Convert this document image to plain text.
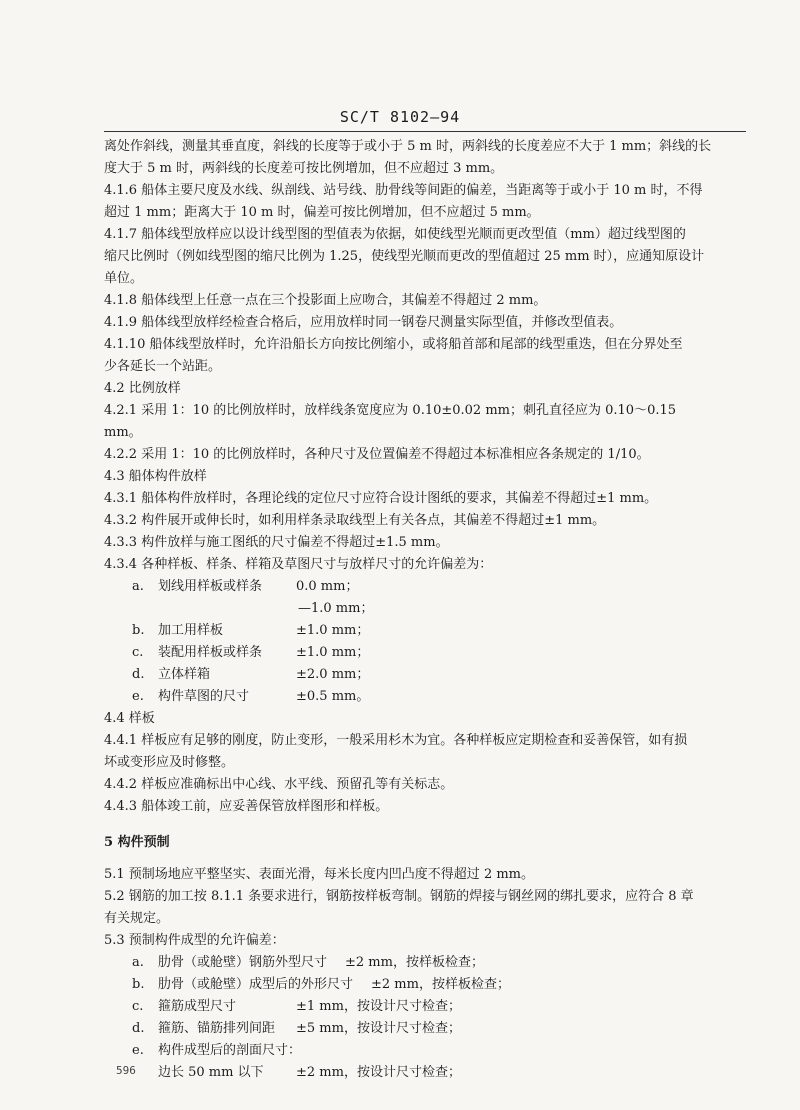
SC/T 8102—94
离处作斜线，测量其垂直度，斜线的长度等于或小于 5 m 时，两斜线的长度差应不大于 1 mm；斜线的长
度大于 5 m 时，两斜线的长度差可按比例增加，但不应超过 3 mm。
4.1.6 船体主要尺度及水线、纵剖线、站号线、肋骨线等间距的偏差，当距离等于或小于 10 m 时，不得
超过 1 mm；距离大于 10 m 时，偏差可按比例增加，但不应超过 5 mm。
4.1.7 船体线型放样应以设计线型图的型值表为依据，如使线型光顺而更改型值（mm）超过线型图的
缩尺比例时（例如线型图的缩尺比例为 1.25，使线型光顺而更改的型值超过 25 mm 时），应通知原设计
单位。
4.1.8 船体线型上任意一点在三个投影面上应吻合，其偏差不得超过 2 mm。
4.1.9 船体线型放样经检查合格后，应用放样时同一钢卷尺测量实际型值，并修改型值表。
4.1.10 船体线型放样时，允许沿船长方向按比例缩小，或将船首部和尾部的线型重迭，但在分界处至
少各延长一个站距。
4.2 比例放样
4.2.1 采用 1：10 的比例放样时，放样线条宽度应为 0.10±0.02 mm；刺孔直径应为 0.10～0.15
mm。
4.2.2 采用 1：10 的比例放样时，各种尺寸及位置偏差不得超过本标准相应各条规定的 1/10。
4.3 船体构件放样
4.3.1 船体构件放样时，各理论线的定位尺寸应符合设计图纸的要求，其偏差不得超过±1 mm。
4.3.2 构件展开或伸长时，如利用样条录取线型上有关各点，其偏差不得超过±1 mm。
4.3.3 构件放样与施工图纸的尺寸偏差不得超过±1.5 mm。
4.3.4 各种样板、样条、样箱及草图尺寸与放样尺寸的允许偏差为：
a. 划线用样板或样条	0.0 mm；
—1.0 mm；
b. 加工用样板	±1.0 mm；
c. 装配用样板或样条	±1.0 mm；
d. 立体样箱	±2.0 mm；
e. 构件草图的尺寸	±0.5 mm。
4.4 样板
4.4.1 样板应有足够的刚度，防止变形，一般采用杉木为宜。各种样板应定期检查和妥善保管，如有损
坏或变形应及时修整。
4.4.2 样板应准确标出中心线、水平线、预留孔等有关标志。
4.4.3 船体竣工前，应妥善保管放样图形和样板。
5 构件预制
5.1 预制场地应平整坚实、表面光滑，每米长度内凹凸度不得超过 2 mm。
5.2 钢筋的加工按 8.1.1 条要求进行，钢筋按样板弯制。钢筋的焊接与钢丝网的绑扎要求，应符合 8 章
有关规定。
5.3 预制构件成型的允许偏差：
a. 肋骨（或舱壁）钢筋外型尺寸 ±2 mm，按样板检查；
b. 肋骨（或舱壁）成型后的外形尺寸 ±2 mm，按样板检查；
c. 箍筋成型尺寸	±1 mm，按设计尺寸检查；
d. 箍筋、锚筋排列间距 ±5 mm，按设计尺寸检查；
e. 构件成型后的剖面尺寸：
边长 50 mm 以下 ±2 mm，按设计尺寸检查；
596
